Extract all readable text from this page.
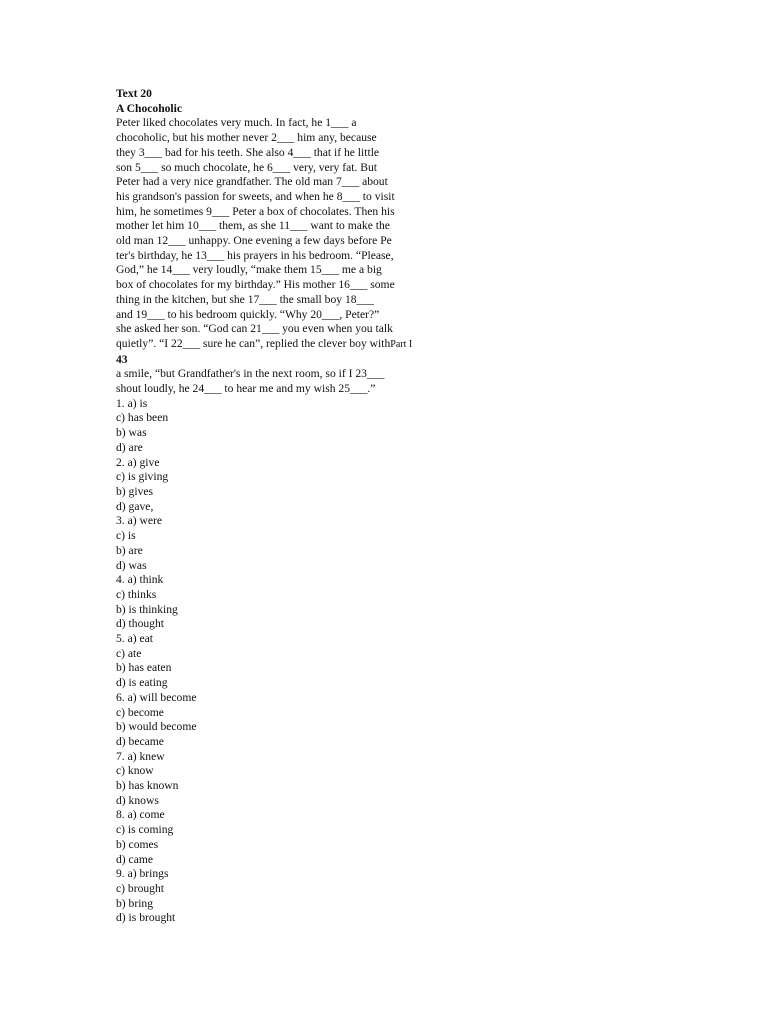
Text 20
A Chocoholic
Peter liked chocolates very much. In fact, he 1___ a
chocoholic, but his mother never 2___ him any, because
they 3___ bad for his teeth. She also 4___ that if he little
son 5___ so much chocolate, he 6___ very, very fat. But
Peter had a very nice grandfather. The old man 7___ about
his grandson's passion for sweets, and when he 8___ to visit
him, he sometimes 9___ Peter a box of chocolates. Then his
mother let him 10___ them, as she 11___ want to make the
old man 12___ unhappy. One evening a few days before Pe
ter's birthday, he 13___ his prayers in his bedroom. “Please,
God,” he 14___ very loudly, “make them 15___ me a big
box of chocolates for my birthday.” His mother 16___ some
thing in the kitchen, but she 17___ the small boy 18___
and 19___ to his bedroom quickly. “Why 20___, Peter?”
she asked her son. “God can 21___ you even when you talk
quietly”. “I 22___ sure he can”, replied the clever boy withPart I
43
a smile, “but Grandfather's in the next room, so if I 23___
shout loudly, he 24___ to hear me and my wish 25___.”
1. a) is
c) has been
b) was
d) are
2. a) give
c) is giving
b) gives
d) gave,
3. a) were
c) is
b) are
d) was
4. a) think
c) thinks
b) is thinking
d) thought
5. a) eat
c) ate
b) has eaten
d) is eating
6. a) will become
c) become
b) would become
d) became
7. a) knew
c) know
b) has known
d) knows
8. a) come
c) is coming
b) comes
d) came
9. a) brings
c) brought
b) bring
d) is brought
